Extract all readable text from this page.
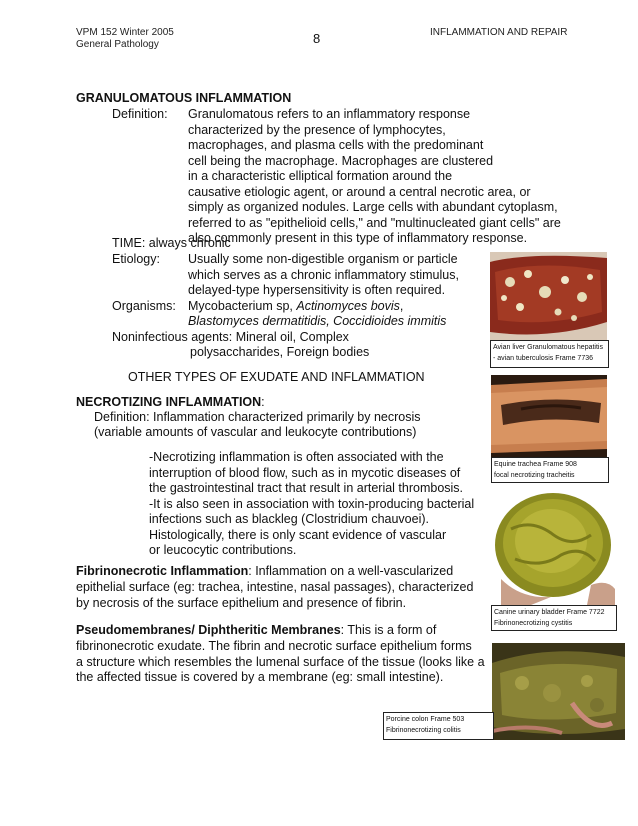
VPM 152 Winter 2005
General Pathology	8	INFLAMMATION AND REPAIR
GRANULOMATOUS INFLAMMATION
Definition: Granulomatous refers to an inflammatory response
characterized by the presence of lymphocytes,
macrophages, and plasma cells with the predominant
cell being the macrophage. Macrophages are clustered
in a characteristic elliptical formation around the
causative etiologic agent, or around a central necrotic area, or
simply as organized nodules. Large cells with abundant cytoplasm,
referred to as "epithelioid cells," and "multinucleated giant cells" are
also commonly present in this type of inflammatory response.
TIME: always chronic
Etiology: Usually some non-digestible organism or particle
which serves as a chronic inflammatory stimulus,
delayed-type hypersensitivity is often required.
Organisms: Mycobacterium sp, Actinomyces bovis,
Blastomyces dermatitidis, Coccidioides immitis
Noninfectious agents: Mineral oil, Complex
polysaccharides, Foreign bodies
OTHER TYPES OF EXUDATE AND INFLAMMATION
NECROTIZING INFLAMMATION:
Definition: Inflammation characterized primarily by necrosis
(variable amounts of vascular and leukocyte contributions)
-Necrotizing inflammation is often associated with the
interruption of blood flow, such as in mycotic diseases of
the gastrointestinal tract that result in arterial thrombosis.
-It is also seen in association with toxin-producing bacterial
infections such as blackleg (Clostridium chauvoei).
Histologically, there is only scant evidence of vascular
or leucocytic contributions.
Fibrinonecrotic Inflammation: Inflammation on a well-vascularized
epithelial surface (eg: trachea, intestine, nasal passages), characterized
by necrosis of the surface epithelium and presence of fibrin.
Pseudomembranes/ Diphtheritic Membranes: This is a form of
fibrinonecrotic exudate. The fibrin and necrotic surface epithelium forms
a structure which resembles the lumenal surface of the tissue (looks like a
the affected tissue is covered by a membrane (eg: small intestine).
Avian liver Granulomatous hepatitis
- avian tuberculosis Frame 7736
Equine trachea Frame 908
focal necrotizing tracheitis
Canine urinary bladder Frame 7722
Fibrinonecrotizing cystitis
Porcine colon Frame 503
Fibrinonecrotizing colitis
